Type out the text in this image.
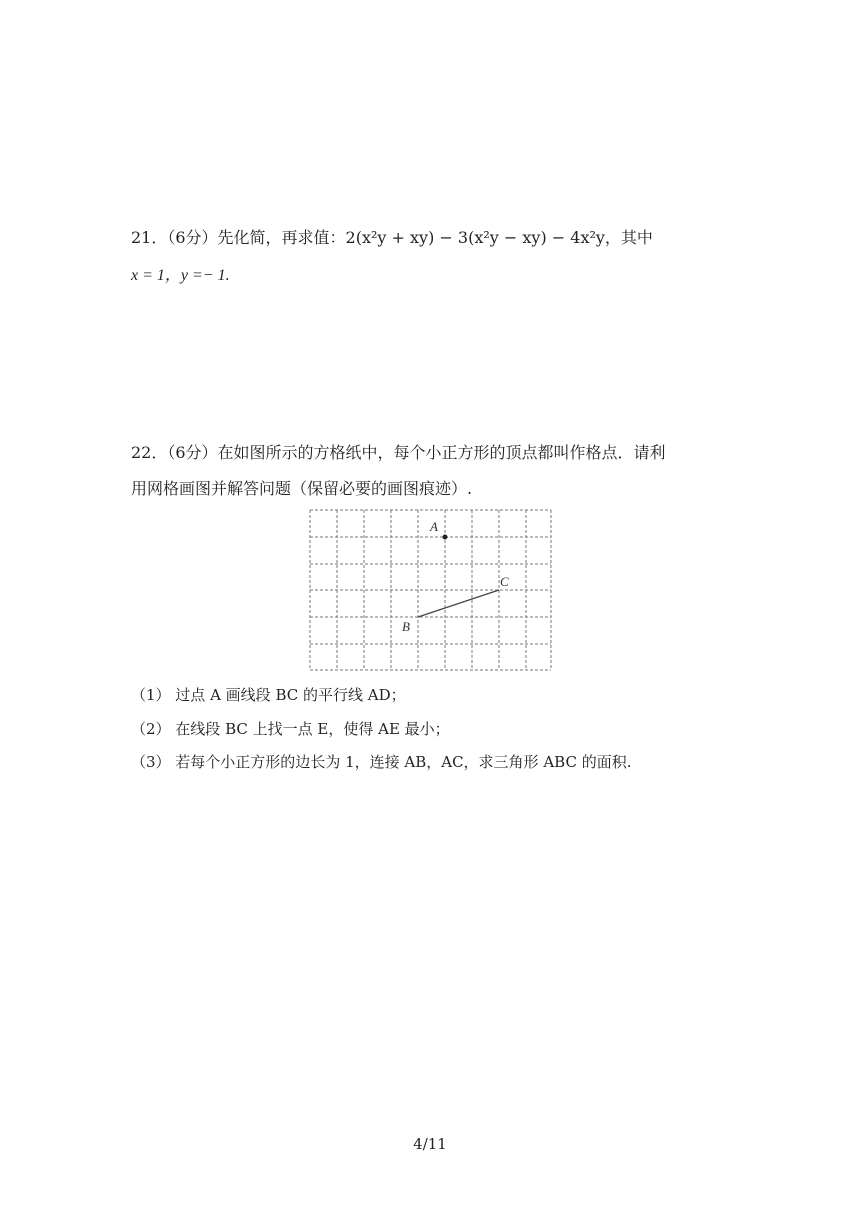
21．（6分）先化简，再求值：2(x²y + xy) − 3(x²y − xy) − 4x²y，其中
x = 1，y =− 1.
22．（6分）在如图所示的方格纸中，每个小正方形的顶点都叫作格点．请利
用网格画图并解答问题（保留必要的画图痕迹）.
A
B
C
（1） 过点 A 画线段 BC 的平行线 AD；
（2） 在线段 BC 上找一点 E，使得 AE 最小；
（3） 若每个小正方形的边长为 1，连接 AB，AC，求三角形 ABC 的面积.
4/11
